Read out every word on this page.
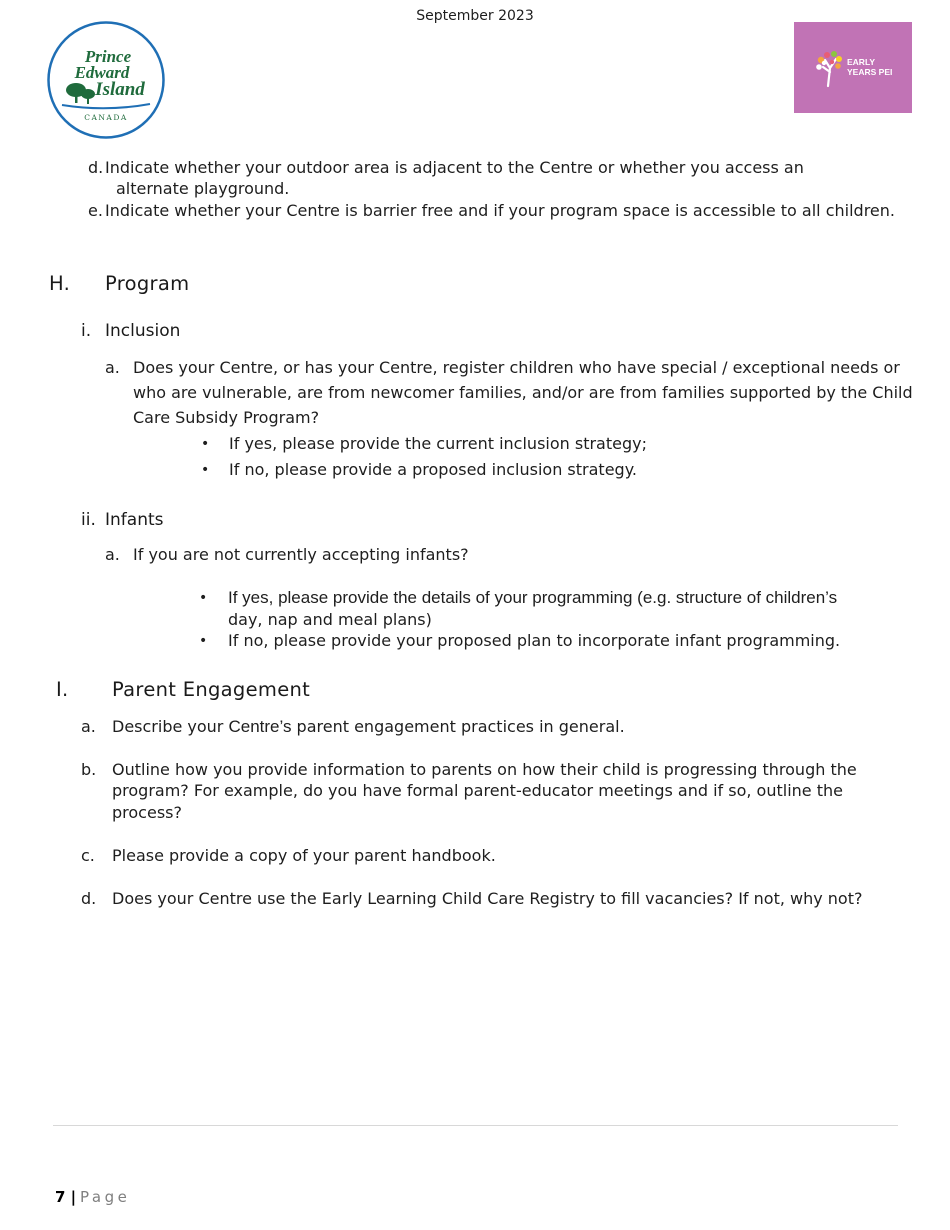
September 2023
Prince
Edward
Island
CANADA
EARLY
YEARS PEI
d. Indicate whether your outdoor area is adjacent to the Centre or whether you access an
alternate playground.
e. Indicate whether your Centre is barrier free and if your program space is accessible to all children.
H. Program
i. Inclusion
a. Does your Centre, or has your Centre, register children who have special / exceptional needs or
who are vulnerable, are from newcomer families, and/or are from families supported by the Child
Care Subsidy Program?
• If yes, please provide the current inclusion strategy;
• If no, please provide a proposed inclusion strategy.
ii. Infants
a. If you are not currently accepting infants?
• If yes, please provide the details of your programming (e.g. structure of children’s
day, nap and meal plans)
• If no, please provide your proposed plan to incorporate infant programming.
I. Parent Engagement
a. Describe your Centre’s parent engagement practices in general.
b. Outline how you provide information to parents on how their child is progressing through the
program? For example, do you have formal parent-educator meetings and if so, outline the
process?
c. Please provide a copy of your parent handbook.
d. Does your Centre use the Early Learning Child Care Registry to fill vacancies? If not, why not?
7 | Page
